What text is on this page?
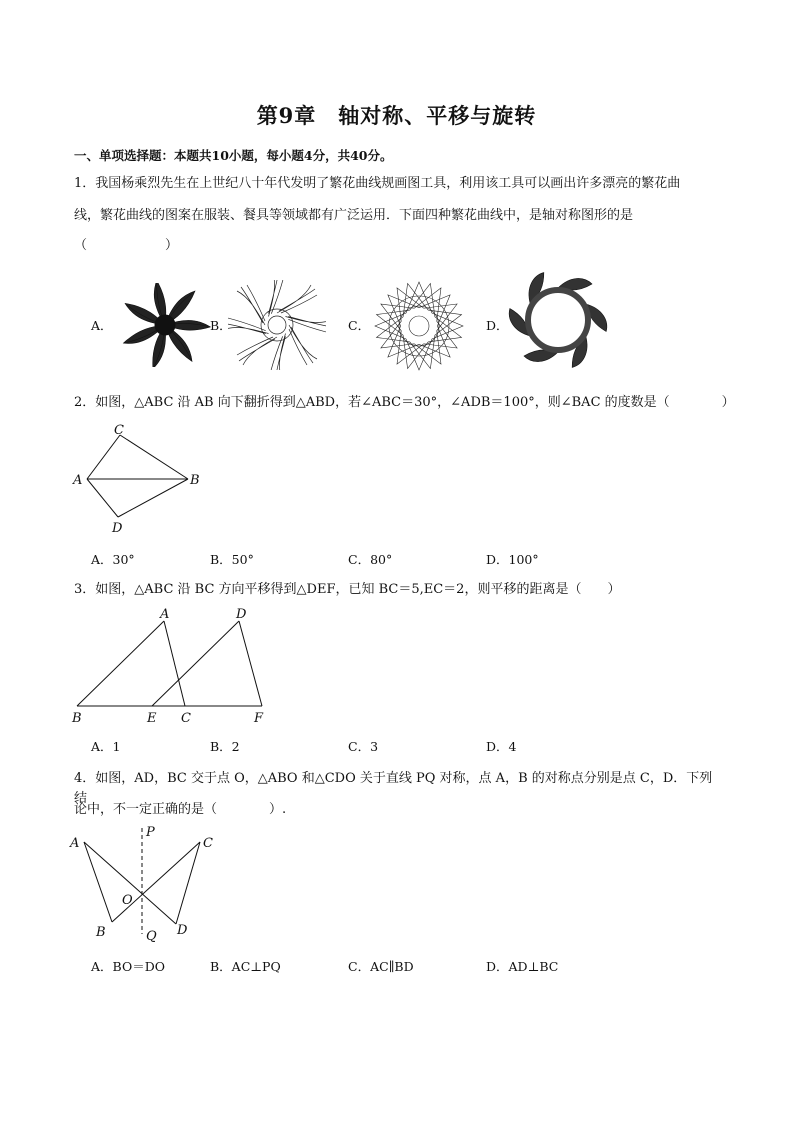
第9章　轴对称、平移与旋转
一、单项选择题：本题共10小题，每小题4分，共40分。
1．我国杨乘烈先生在上世纪八十年代发明了繁花曲线规画图工具，利用该工具可以画出许多漂亮的繁花曲
线，繁花曲线的图案在服装、餐具等领域都有广泛运用．下面四种繁花曲线中，是轴对称图形的是
（　　　　　　）
A．	B．	C．	D．
2．如图，△ABC 沿 AB 向下翻折得到△ABD，若∠ABC＝30°，∠ADB＝100°，则∠BAC 的度数是（　　　　）
C
A	B
D
A．30°	B．50°	C．80°	D．100°
3．如图，△ABC 沿 BC 方向平移得到△DEF，已知 BC＝5,EC＝2，则平移的距离是（　　）
A	D
B	E C	F
A．1	B．2	C．3	D．4
4．如图，AD，BC 交于点 O，△ABO 和△CDO 关于直线 PQ 对称，点 A，B 的对称点分别是点 C，D．下列结
论中，不一定正确的是（　　　　）.
P
A	C
O
B	D
Q
A．BO＝DO	B．AC⊥PQ	C．AC∥BD	D．AD⊥BC
